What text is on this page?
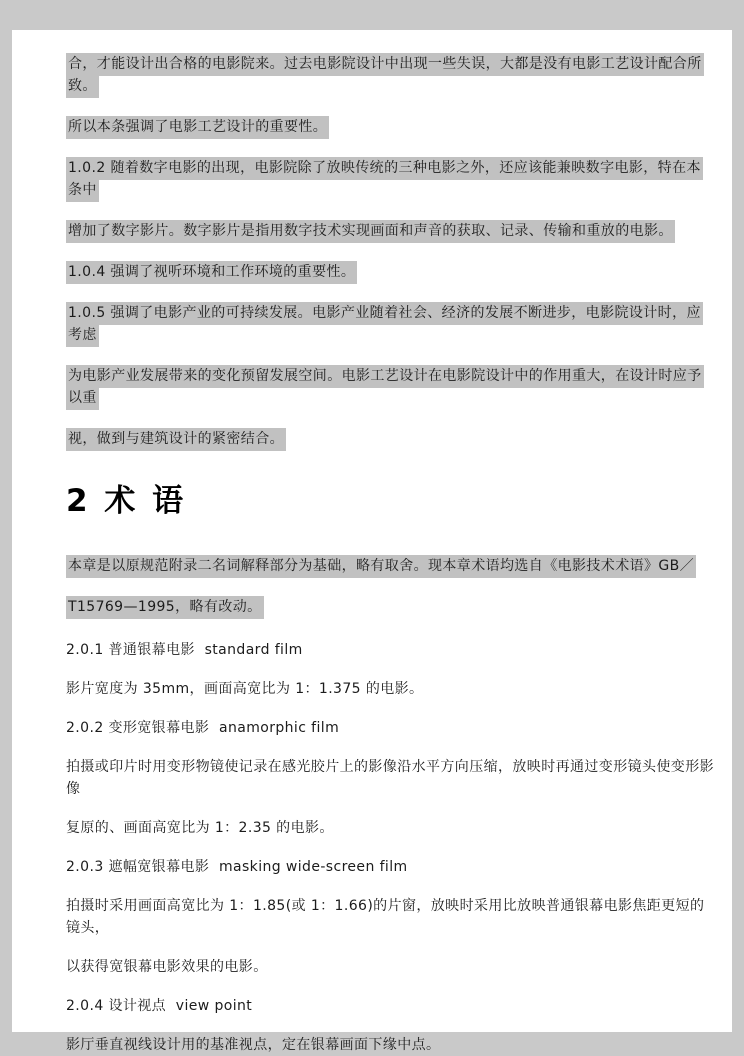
合，才能设计出合格的电影院来。过去电影院设计中出现一些失误，大都是没有电影工艺设计配合所致。
所以本条强调了电影工艺设计的重要性。
1.0.2 随着数字电影的出现，电影院除了放映传统的三种电影之外，还应该能兼映数字电影，特在本条中
增加了数字影片。数字影片是指用数字技术实现画面和声音的获取、记录、传输和重放的电影。
1.0.4 强调了视听环境和工作环境的重要性。
1.0.5 强调了电影产业的可持续发展。电影产业随着社会、经济的发展不断进步，电影院设计时，应考虑
为电影产业发展带来的变化预留发展空间。电影工艺设计在电影院设计中的作用重大，在设计时应予以重
视，做到与建筑设计的紧密结合。
2 术 语
本章是以原规范附录二名词解释部分为基础，略有取舍。现本章术语均选自《电影技术术语》GB／
T15769—1995，略有改动。
2.0.1 普通银幕电影  standard film
影片宽度为 35mm，画面高宽比为 1：1.375 的电影。
2.0.2 变形宽银幕电影  anamorphic film
拍摄或印片时用变形物镜使记录在感光胶片上的影像沿水平方向压缩，放映时再通过变形镜头使变形影像
复原的、画面高宽比为 1：2.35 的电影。
2.0.3 遮幅宽银幕电影  masking wide-screen film
拍摄时采用画面高宽比为 1：1.85(或 1：1.66)的片窗，放映时采用比放映普通银幕电影焦距更短的镜头，
以获得宽银幕电影效果的电影。
2.0.4 设计视点  view point
影厅垂直视线设计用的基准视点，定在银幕画面下缘中点。
